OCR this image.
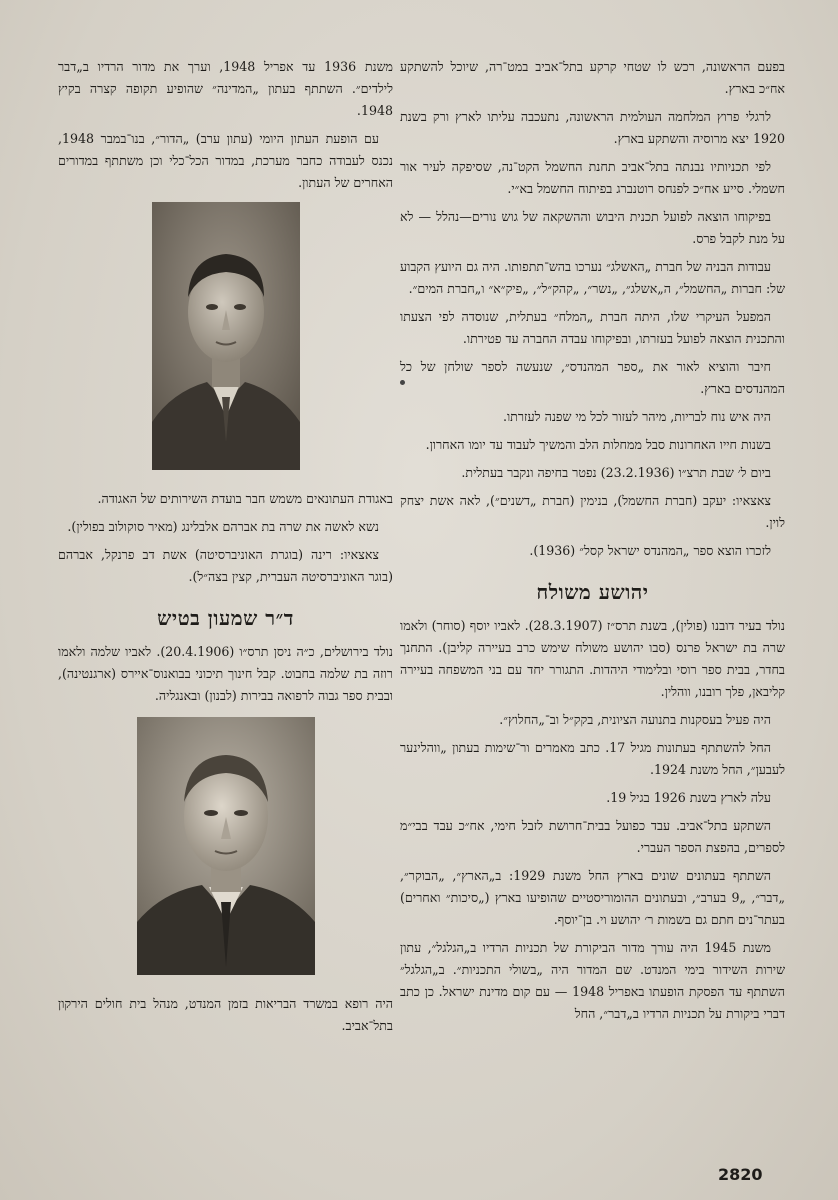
בפעם הראשונה, רכש לו שטחי קרקע בתל־אביב במט־רה, שיוכל להשתקע אח״כ בארץ.

לרגלי פרוץ המלחמה העולמית הראשונה, נתעכבה עליתו לארץ ורק בשנת 1920 יצא מרוסיה והשתקע בארץ.

לפי תכניותיו נבנתה בתל־אביב תחנת החשמל הקט־נה, שסיפקה לעיר אור חשמלי. סייע אח״כ לפנחס רוטנברג בפיתוח החשמל בא״י.

בפיקוחו הוצאה לפועל תכנית היבוש וההשקאה של גוש נורים—נהלל — לא על מנת לקבל פרס.

עבודות הבניה של חברת „האשלג״ נערכו בהש־תתפותו. היה גם היועץ הקבוע של: חברות „החשמל״, ה„אשלג״, „נשר״, „קהק״ל״, „פיק״א״ ו„חברת המים״.

המפעל העיקרי שלו, היתה חברת „המלח״ בעתלית, שנוסדה לפי הצעתו והתכנית הוצאה לפועל בעזרתו, ובפיקוחו עבדה החברה עד פטירתו.

חיבר והוציא לאור את „ספר המהנדס״, שנעשה לספר שולחן של כל המהנדסים בארץ.

היה איש נוח לבריות, מיהר לעזור לכל מי שפנה לעזרתו.

בשנות חייו האחרונות סבל ממחלות הלב והמשיך לעבוד עד יומו האחרון.

ביום ל׳ שבת תרצ״ו (23.2.1936) נפטר בחיפה ונקבר בעתלית.

צאצאיו: יעקב (חברת החשמל), בנימין (חברת „דשנים״), לאה אשת יצחק לוין.

לזכרו הוצא ספר „המהנדס ישראל קסל״ (1936).

יהושע משולח

נולד בעיר דובנו (פולין), בשנת תרס״ז (28.3.1907). לאביו יוסף (סוחר) ולאמו שרה בת ישראל פרנס (סבו יהושע משולח שימש כרב בעיירה קליבן). התחנך בחדר, בבית ספר רוסי ובלימודי היהדות. התגורר יחד עם בני המשפחה בעיירה קליבאן, פלך רובנו, ווהלין.

היה פעיל בעסקנות בתנועה הציונית, בקק״ל וב־„החלוץ״.

החל להשתתף בעתונות מגיל 17. כתב מאמרים ור־שימות בעתון „ווהלינער לעבען״, החל משנת 1924.

עלה לארץ בשנת 1926 בגיל 19.

השתקע בתל־אביב. עבד כפועל בבית־חרושת לזבל חימי, אח״כ עבד בבי״מ לספרים, בהפצת הספר העברי.

השתתף בעתונים שונים בארץ החל משנת 1929: ב„הארץ״, „הבוקר״, „דבר״, „9 בערב״, ובעתונים ההומוריסטיים שהופיעו בארץ („סיכות״ ואחרים) בעתר־נים חתם גם בשמות ר׳ יהושע וי. בן־יוסף.

משנת 1945 היה עורך מדור הביקורת של תכניות הרדיו ב„הגלגל״, עתון שירות השידור בימי המנדט. שם המדור היה „בשולי התכניות״. ב„הגלגל״ השתתף עד הפסקת הופעתו באפריל 1948 — עם קום מדינת ישראל. כן כתב דברי ביקורת על תכניות הרדיו ב„דבר״, החל

משנת 1936 עד אפריל 1948, וערך את מדור הרדיו ב„דבר לילדים״. השתתף בעתון „המדינה״ שהופיע תקופה קצרה בקיץ 1948.

עם הופעת העתון היומי (עתון ערב) „הדור״, בנו־במבר 1948, נכנס לעבודה כחבר מערכת, במדור הכל־כלי וכן משתתף במדורים האחרים של העתון.

באגודת העתונאים משמש חבר בועדת השירותים של האגודה.

נשא לאשה את שרה בת אברהם אלבלינג (מאיר סוקולוב בפולין).

צאצאיו: רינה (בוגרת האוניברסיטה) אשת דב פרנקל, אברהם (בוגר האוניברסיטה העברית, קצין בצה״ל).

ד״ר שמעון בטיש

נולד בירושלים, כ״ה ניסן תרס״ו (20.4.1906). לאביו שלמה ולאמו רוזה בת שלמה בחבוט. קבל חינוך תיכוני בבואנוס־איירס (ארגנטינה), ובבית ספר גבוה לרפואה בבירות (לבנון) ובאנגליה.

היה רופא במשרד הבריאות בזמן המנדט, מנהל בית חולים הירקון בתל־אביב.

2820
